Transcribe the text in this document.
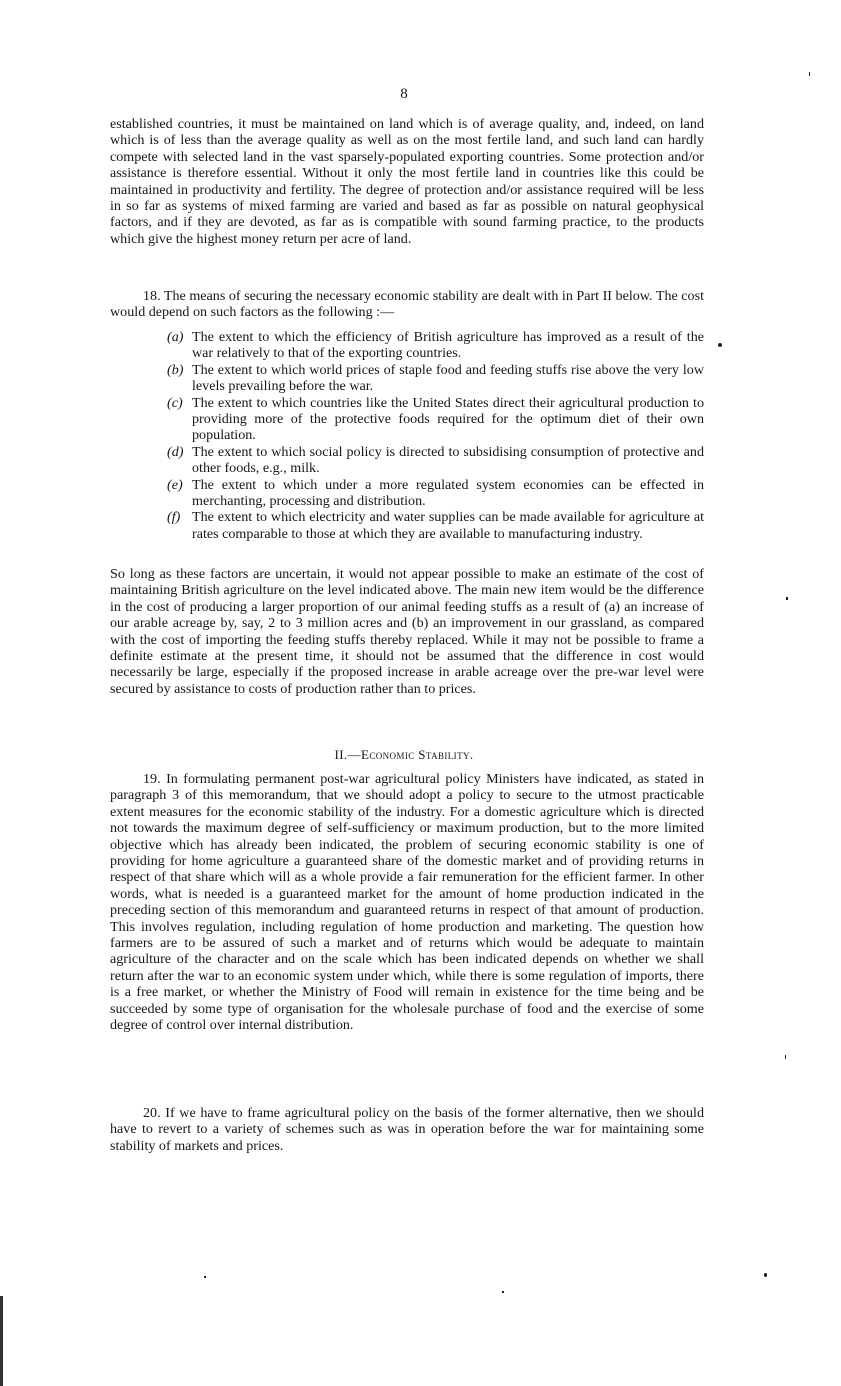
8

established countries, it must be maintained on land which is of average quality, and, indeed, on land which is of less than the average quality as well as on the most fertile land, and such land can hardly compete with selected land in the vast sparsely-populated exporting countries. Some protection and/or assistance is therefore essential. Without it only the most fertile land in countries like this could be maintained in productivity and fertility. The degree of protection and/or assistance required will be less in so far as systems of mixed farming are varied and based as far as possible on natural geophysical factors, and if they are devoted, as far as is compatible with sound farming practice, to the products which give the highest money return per acre of land.

18. The means of securing the necessary economic stability are dealt with in Part II below. The cost would depend on such factors as the following :—

(a) The extent to which the efficiency of British agriculture has improved as a result of the war relatively to that of the exporting countries.
(b) The extent to which world prices of staple food and feeding stuffs rise above the very low levels prevailing before the war.
(c) The extent to which countries like the United States direct their agricultural production to providing more of the protective foods required for the optimum diet of their own population.
(d) The extent to which social policy is directed to subsidising consumption of protective and other foods, e.g., milk.
(e) The extent to which under a more regulated system economies can be effected in merchanting, processing and distribution.
(f) The extent to which electricity and water supplies can be made available for agriculture at rates comparable to those at which they are available to manufacturing industry.

So long as these factors are uncertain, it would not appear possible to make an estimate of the cost of maintaining British agriculture on the level indicated above. The main new item would be the difference in the cost of producing a larger proportion of our animal feeding stuffs as a result of (a) an increase of our arable acreage by, say, 2 to 3 million acres and (b) an improvement in our grassland, as compared with the cost of importing the feeding stuffs thereby replaced. While it may not be possible to frame a definite estimate at the present time, it should not be assumed that the difference in cost would necessarily be large, especially if the proposed increase in arable acreage over the pre-war level were secured by assistance to costs of production rather than to prices.

II.—Economic Stability.

19. In formulating permanent post-war agricultural policy Ministers have indicated, as stated in paragraph 3 of this memorandum, that we should adopt a policy to secure to the utmost practicable extent measures for the economic stability of the industry. For a domestic agriculture which is directed not towards the maximum degree of self-sufficiency or maximum production, but to the more limited objective which has already been indicated, the problem of securing economic stability is one of providing for home agriculture a guaranteed share of the domestic market and of providing returns in respect of that share which will as a whole provide a fair remuneration for the efficient farmer. In other words, what is needed is a guaranteed market for the amount of home production indicated in the preceding section of this memorandum and guaranteed returns in respect of that amount of production. This involves regulation, including regulation of home production and marketing. The question how farmers are to be assured of such a market and of returns which would be adequate to maintain agriculture of the character and on the scale which has been indicated depends on whether we shall return after the war to an economic system under which, while there is some regulation of imports, there is a free market, or whether the Ministry of Food will remain in existence for the time being and be succeeded by some type of organisation for the wholesale purchase of food and the exercise of some degree of control over internal distribution.

20. If we have to frame agricultural policy on the basis of the former alternative, then we should have to revert to a variety of schemes such as was in operation before the war for maintaining some stability of markets and prices.
